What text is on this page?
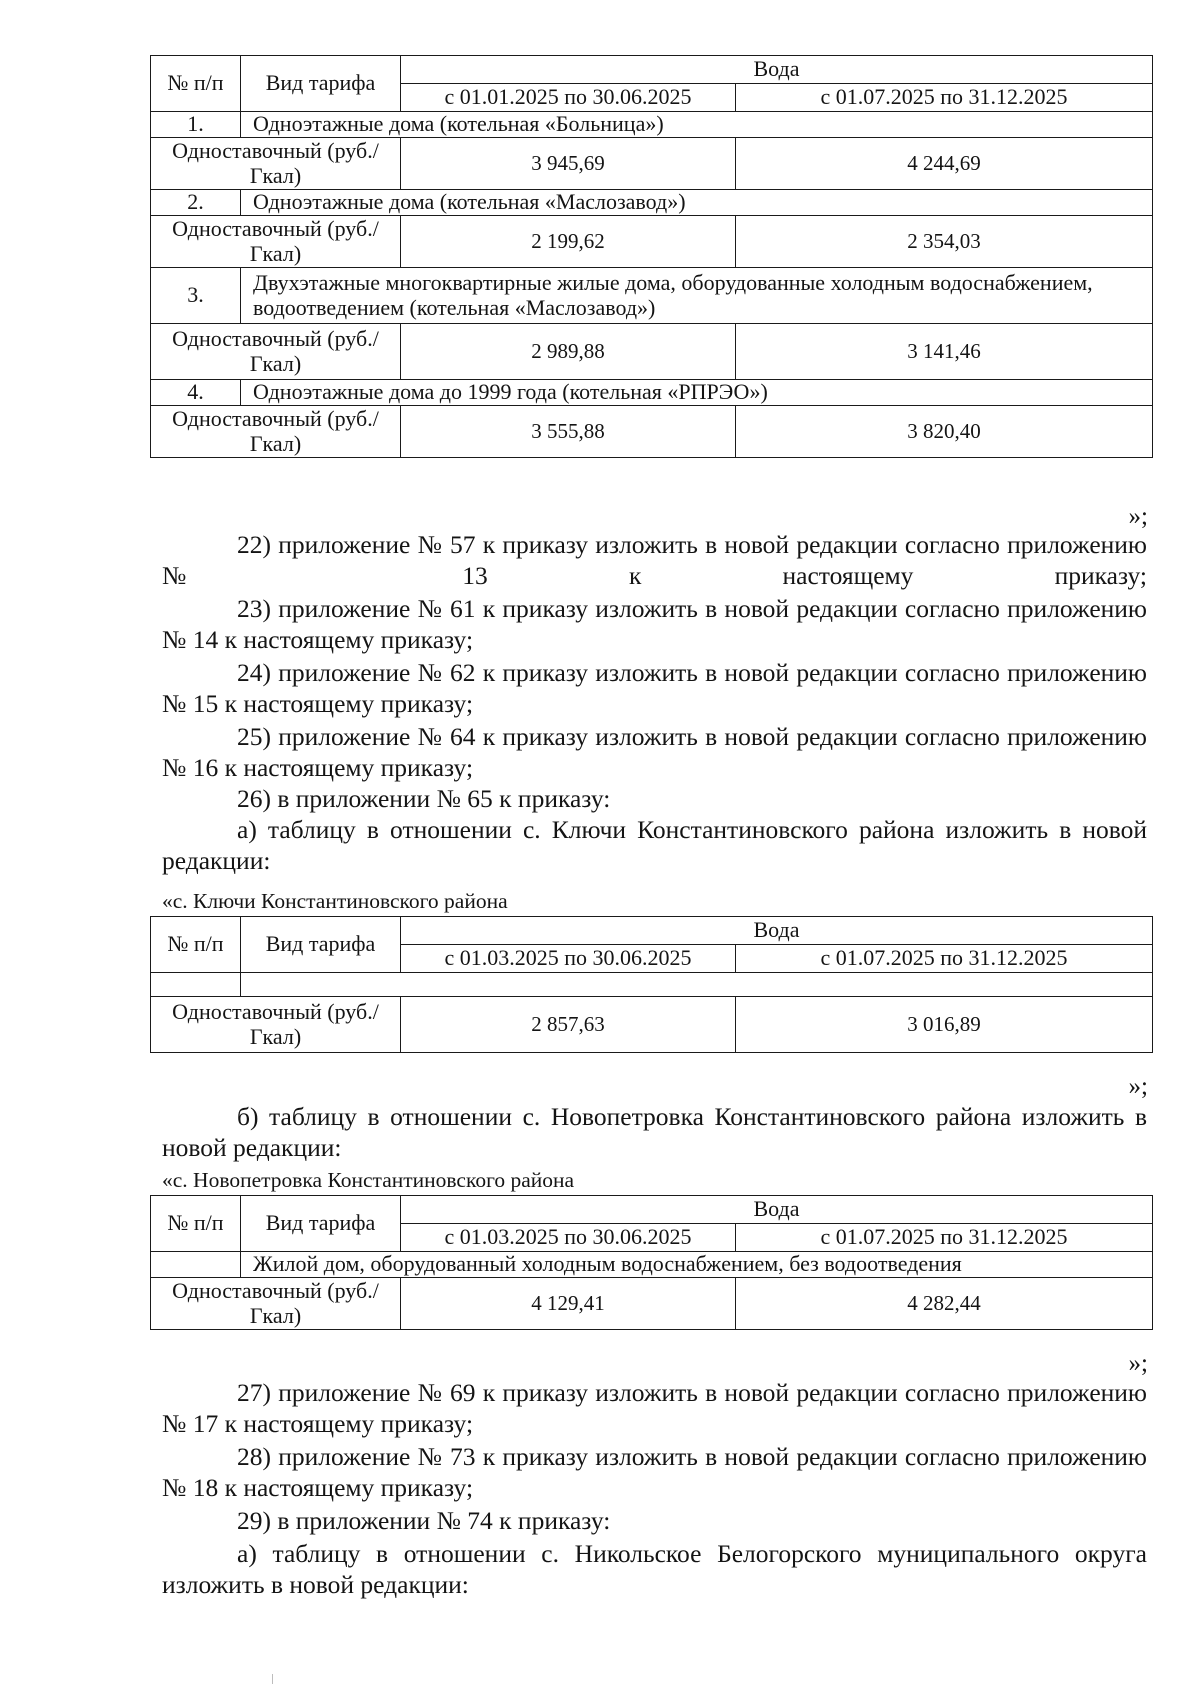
№ п/п	Вид тарифа	Вода	
		с 01.01.2025 по 30.06.2025	с 01.07.2025 по 31.12.2025
1.	Одноэтажные дома (котельная «Больница»)		
Одноставочный (руб./Гкал)		3 945,69	4 244,69
2.	Одноэтажные дома (котельная «Маслозавод»)		
Одноставочный (руб./Гкал)		2 199,62	2 354,03
3.	Двухэтажные многоквартирные жилые дома, оборудованные холодным водоснабжением, водоотведением (котельная «Маслозавод»)		
Одноставочный (руб./Гкал)		2 989,88	3 141,46
4.	Одноэтажные дома до 1999 года (котельная «РПРЭО»)		
Одноставочный (руб./Гкал)		3 555,88	3 820,40
»;

22) приложение № 57 к приказу изложить в новой редакции согласно приложению № 13 к настоящему приказу;

23) приложение № 61 к приказу изложить в новой редакции согласно приложению № 14 к настоящему приказу;

24) приложение № 62 к приказу изложить в новой редакции согласно приложению № 15 к настоящему приказу;

25) приложение № 64 к приказу изложить в новой редакции согласно приложению № 16 к настоящему приказу;

26) в приложении № 65 к приказу:

а) таблицу в отношении с. Ключи Константиновского района изложить в новой редакции:

«с. Ключи Константиновского района
№ п/п	Вид тарифа	Вода	
		с 01.03.2025 по 30.06.2025	с 01.07.2025 по 31.12.2025

Одноставочный (руб./Гкал)		2 857,63	3 016,89
»;

б) таблицу в отношении с. Новопетровка Константиновского района изложить в новой редакции:

«с. Новопетровка Константиновского района
№ п/п	Вид тарифа	Вода	
		с 01.03.2025 по 30.06.2025	с 01.07.2025 по 31.12.2025
	Жилой дом, оборудованный холодным водоснабжением, без водоотведения		
Одноставочный (руб./Гкал)		4 129,41	4 282,44
»;

27) приложение № 69 к приказу изложить в новой редакции согласно приложению № 17 к настоящему приказу;

28) приложение № 73 к приказу изложить в новой редакции согласно приложению № 18 к настоящему приказу;

29) в приложении № 74 к приказу:

а) таблицу в отношении с. Никольское Белогорского муниципального округа изложить в новой редакции:
